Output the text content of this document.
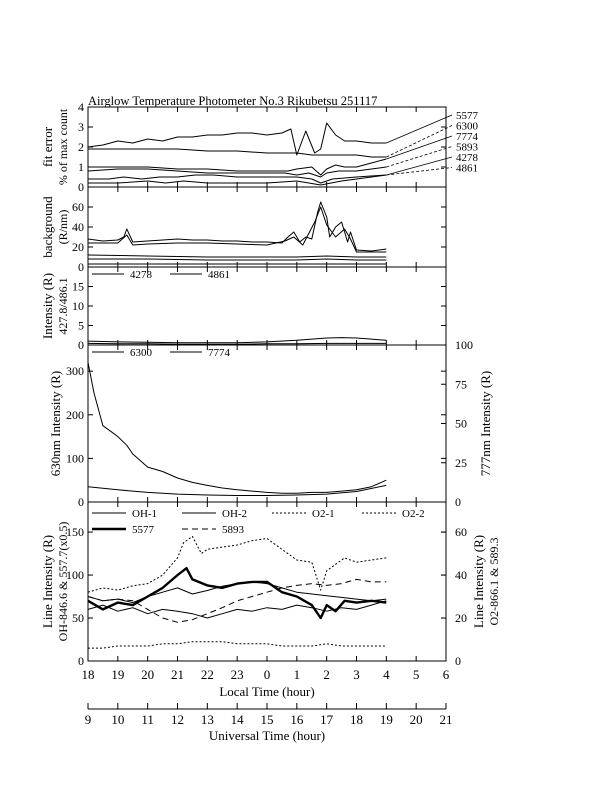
Airglow Temperature Photometer No.3 Rikubetsu 251117
0
1
2
3
4
fit error % of max count	5577
6300
7774
5893
4278
4861
0
20
40
60
background (R/nm)
0
5
10
15
Intensity (R) 427.8/486.1
4278	4861
0
100
200
300
0
25
50
75
100
630nm Intensity (R)	777nm Intensity (R)
6300	7774
0
50
100
150
0
20
40
60
Line Intensity (R) OH-846.6 & 557.7(x0.5)	Line Intensity (R) O2-866.1 & 589.3
OH-1	OH-2	O2-1	O2-2
5577	5893
18 19 20 21 22 23 0 1 2 3 4 5 6
Local Time (hour)
9 10 11 12 13 14 15 16 17 18 19 20 21
Universal Time (hour)
